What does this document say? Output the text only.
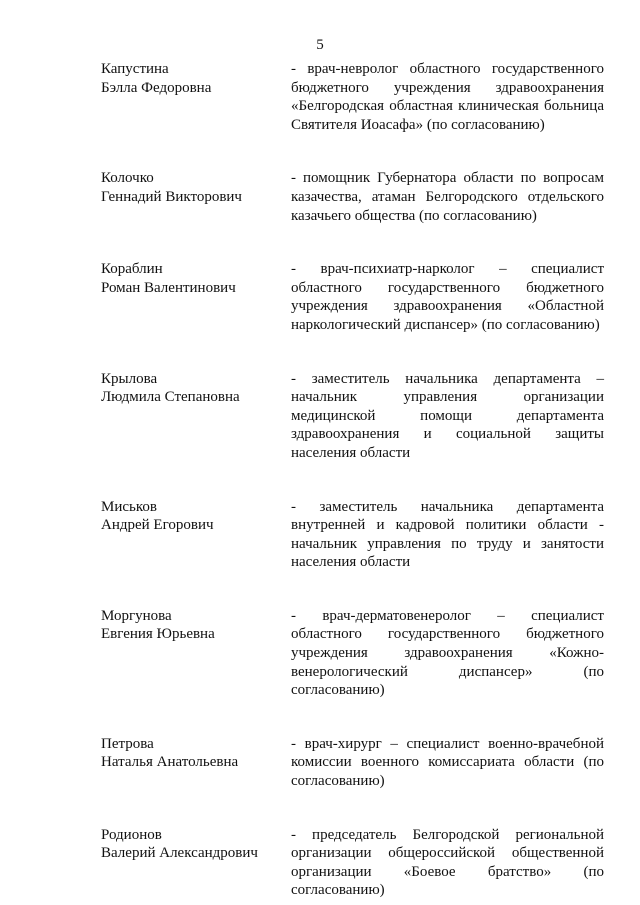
5
Капустина
Бэлла Федоровна
- врач-невролог областного государственного бюджетного учреждения здравоохранения «Белгородская областная клиническая больница Святителя Иоасафа» (по согласованию)
Колочко
Геннадий Викторович
- помощник Губернатора области по вопросам казачества, атаман Белгородского отдельского казачьего общества (по согласованию)
Кораблин
Роман Валентинович
- врач-психиатр-нарколог – специалист областного государственного бюджетного учреждения здравоохранения «Областной наркологический диспансер» (по согласованию)
Крылова
Людмила Степановна
- заместитель начальника департамента – начальник управления организации медицинской помощи департамента здравоохранения и социальной защиты населения области
Миськов
Андрей Егорович
- заместитель начальника департамента внутренней и кадровой политики области - начальник управления по труду и занятости населения области
Моргунова
Евгения Юрьевна
- врач-дерматовенеролог – специалист областного государственного бюджетного учреждения здравоохранения «Кожно-венерологический диспансер» (по согласованию)
Петрова
Наталья Анатольевна
- врач-хирург – специалист военно-врачебной комиссии военного комиссариата области (по согласованию)
Родионов
Валерий Александрович
- председатель Белгородской региональной организации общероссийской общественной организации «Боевое братство» (по согласованию)
